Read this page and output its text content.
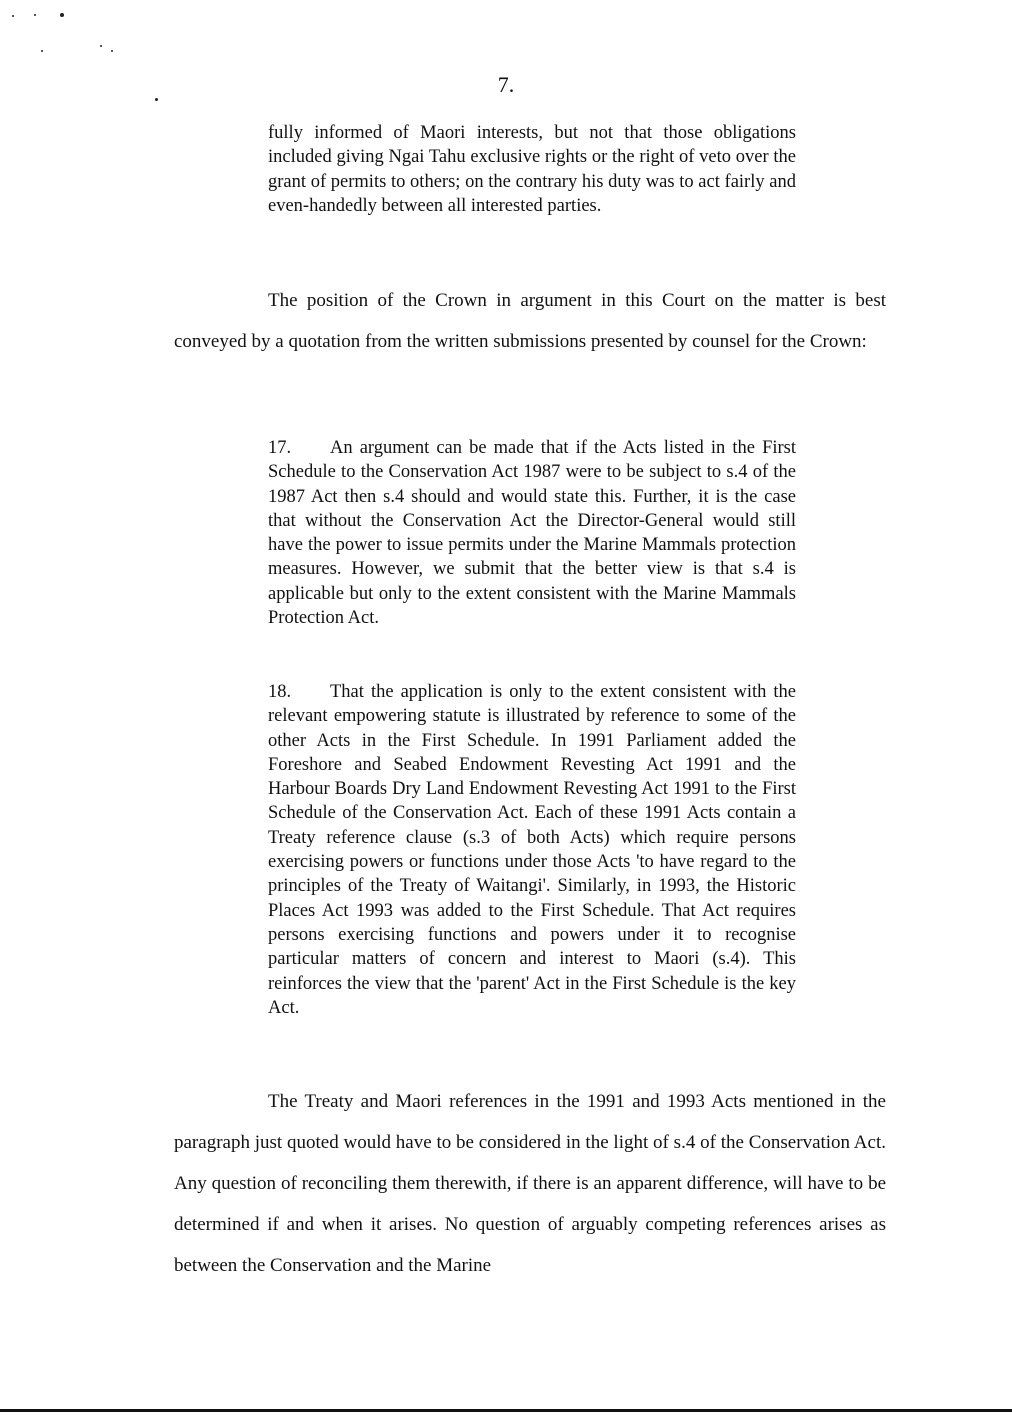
7.
fully informed of Maori interests, but not that those obligations included giving Ngai Tahu exclusive rights or the right of veto over the grant of permits to others; on the contrary his duty was to act fairly and even-handedly between all interested parties.
The position of the Crown in argument in this Court on the matter is best conveyed by a quotation from the written submissions presented by counsel for the Crown:
17. An argument can be made that if the Acts listed in the First Schedule to the Conservation Act 1987 were to be subject to s.4 of the 1987 Act then s.4 should and would state this. Further, it is the case that without the Conservation Act the Director-General would still have the power to issue permits under the Marine Mammals protection measures. However, we submit that the better view is that s.4 is applicable but only to the extent consistent with the Marine Mammals Protection Act.
18. That the application is only to the extent consistent with the relevant empowering statute is illustrated by reference to some of the other Acts in the First Schedule. In 1991 Parliament added the Foreshore and Seabed Endowment Revesting Act 1991 and the Harbour Boards Dry Land Endowment Revesting Act 1991 to the First Schedule of the Conservation Act. Each of these 1991 Acts contain a Treaty reference clause (s.3 of both Acts) which require persons exercising powers or functions under those Acts 'to have regard to the principles of the Treaty of Waitangi'. Similarly, in 1993, the Historic Places Act 1993 was added to the First Schedule. That Act requires persons exercising functions and powers under it to recognise particular matters of concern and interest to Maori (s.4). This reinforces the view that the 'parent' Act in the First Schedule is the key Act.
The Treaty and Maori references in the 1991 and 1993 Acts mentioned in the paragraph just quoted would have to be considered in the light of s.4 of the Conservation Act. Any question of reconciling them therewith, if there is an apparent difference, will have to be determined if and when it arises. No question of arguably competing references arises as between the Conservation and the Marine
